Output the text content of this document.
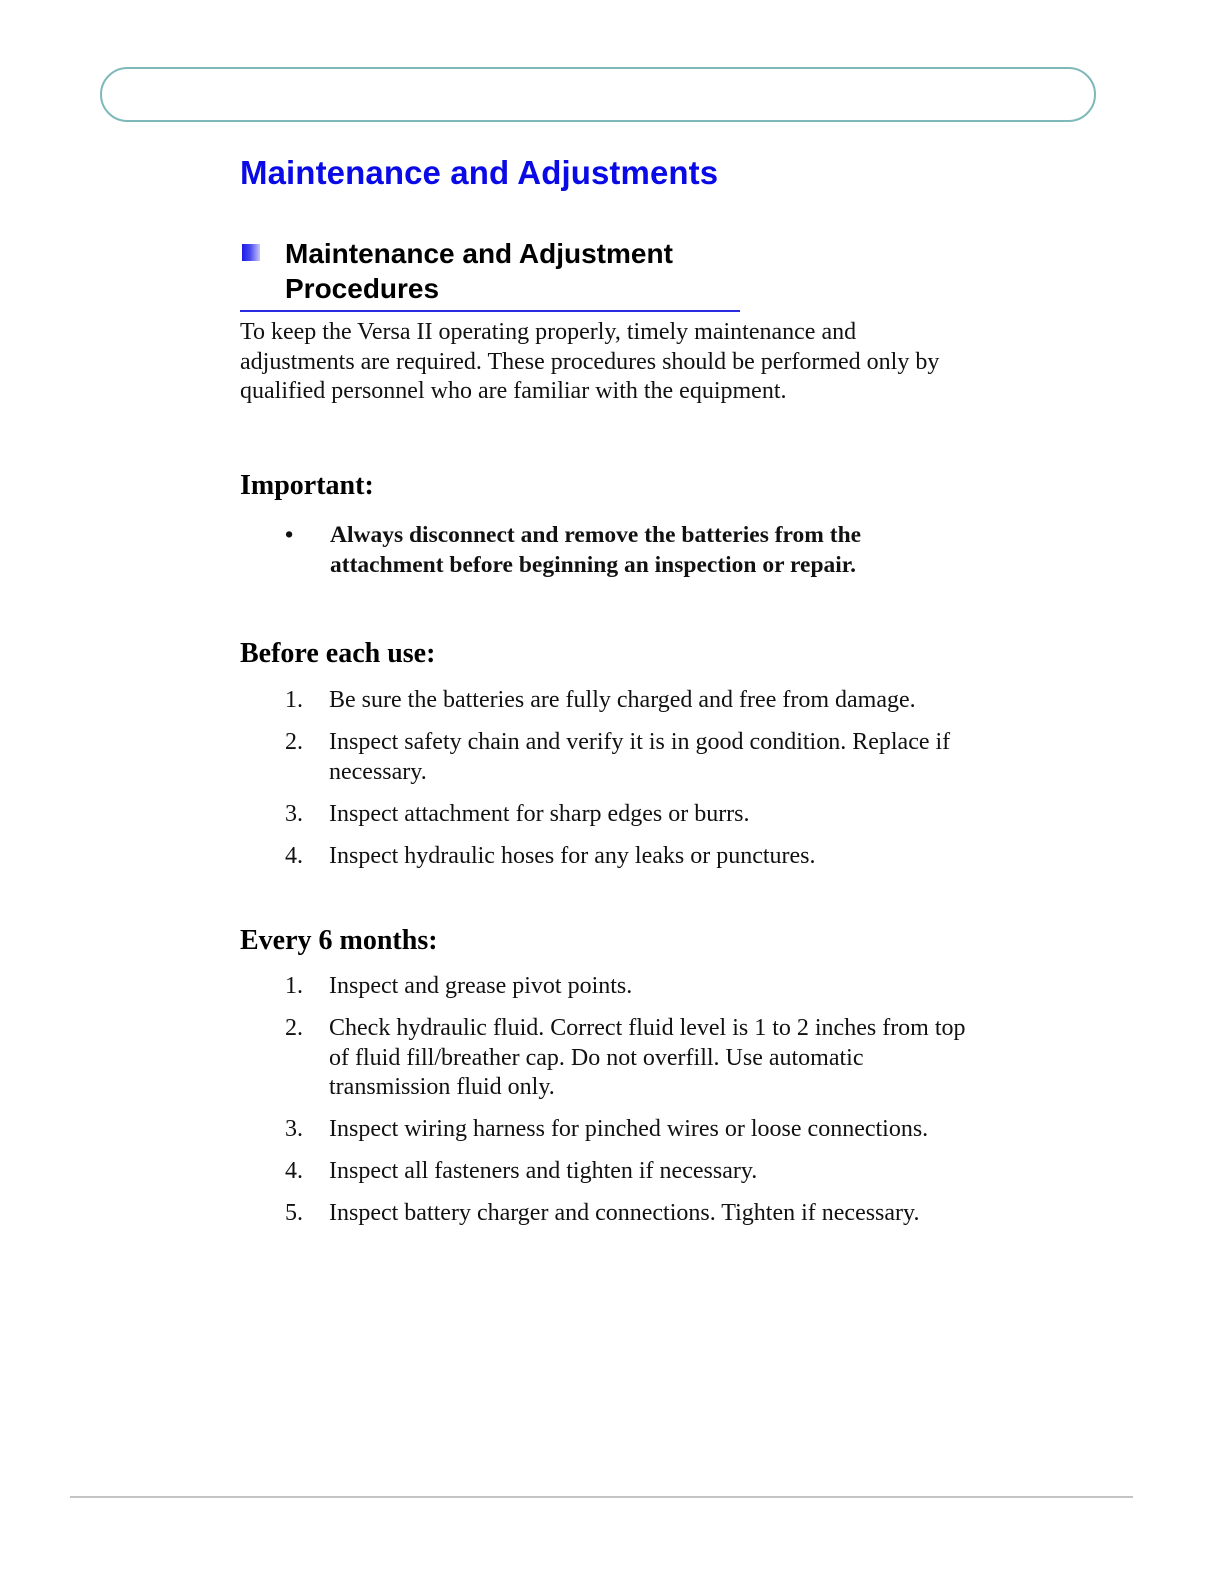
Maintenance and Adjustments
Maintenance and Adjustment
Procedures
To keep the Versa II operating properly, timely maintenance and adjustments are required. These procedures should be performed only by qualified personnel who are familiar with the equipment.
Important:
• Always disconnect and remove the batteries from the attachment before beginning an inspection or repair.
Before each use:
1. Be sure the batteries are fully charged and free from damage.
2. Inspect safety chain and verify it is in good condition. Replace if necessary.
3. Inspect attachment for sharp edges or burrs.
4. Inspect hydraulic hoses for any leaks or punctures.
Every 6 months:
1. Inspect and grease pivot points.
2. Check hydraulic fluid. Correct fluid level is 1 to 2 inches from top of fluid fill/breather cap. Do not overfill. Use automatic transmission fluid only.
3. Inspect wiring harness for pinched wires or loose connections.
4. Inspect all fasteners and tighten if necessary.
5. Inspect battery charger and connections. Tighten if necessary.
